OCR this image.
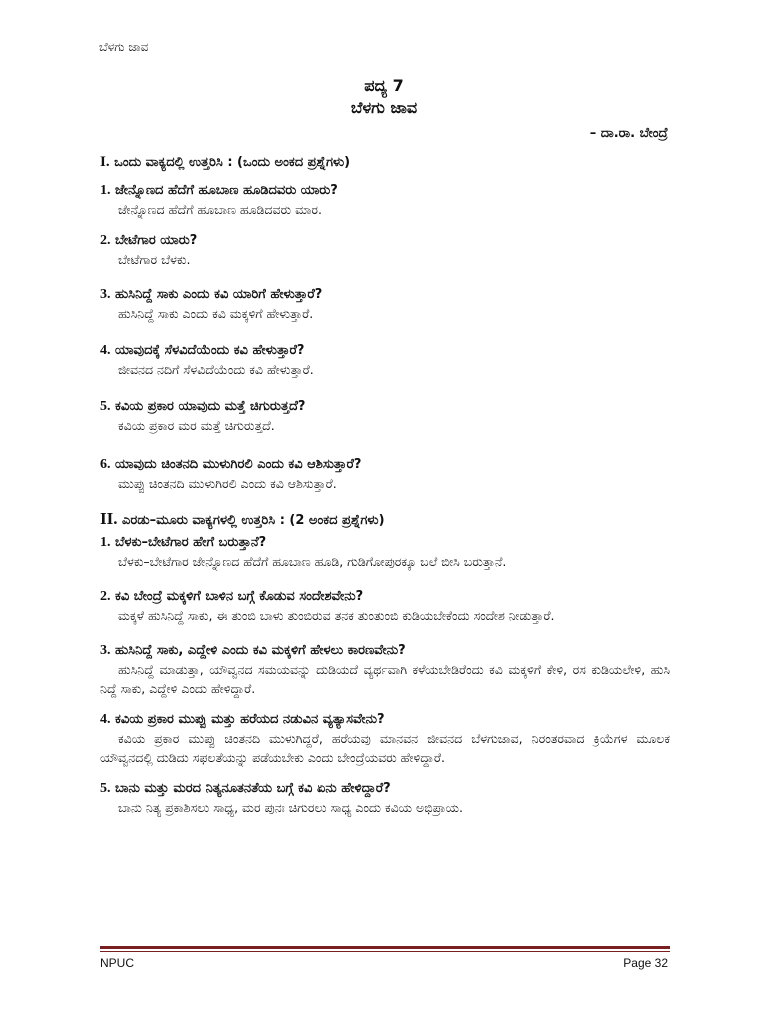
ಬೆಳಗು ಜಾವ
ಪದ್ಯ 7
ಬೆಳಗು ಜಾವ
– ದಾ.ರಾ. ಬೇಂದ್ರೆ
I. ಒಂದು ವಾಕ್ಯದಲ್ಲಿ ಉತ್ತರಿಸಿ : (ಒಂದು ಅಂಕದ ಪ್ರಶ್ನೆಗಳು)
1. ಜೇನ್ನೊಣದ ಹೆದೆಗೆ ಹೂಬಾಣ ಹೂಡಿದವರು ಯಾರು?
ಜೇನ್ನೊಣದ ಹೆದೆಗೆ ಹೂಬಾಣ ಹೂಡಿದವರು ಮಾರ.
2. ಬೇಟೆಗಾರ ಯಾರು?
ಬೇಟೆಗಾರ ಬೆಳಕು.
3. ಹುಸಿನಿದ್ದೆ ಸಾಕು ಎಂದು ಕವಿ ಯಾರಿಗೆ ಹೇಳುತ್ತಾರೆ?
ಹುಸಿನಿದ್ದೆ ಸಾಕು ಎಂದು ಕವಿ ಮಕ್ಕಳಿಗೆ ಹೇಳುತ್ತಾರೆ.
4. ಯಾವುದಕ್ಕೆ ಸೆಳವಿದೆಯೆಂದು ಕವಿ ಹೇಳುತ್ತಾರೆ?
ಜೀವನದ ನದಿಗೆ ಸೆಳವಿದೆಯೆಂದು ಕವಿ ಹೇಳುತ್ತಾರೆ.
5. ಕವಿಯ ಪ್ರಕಾರ ಯಾವುದು ಮತ್ತೆ ಚಿಗುರುತ್ತದೆ?
ಕವಿಯ ಪ್ರಕಾರ ಮರ ಮತ್ತೆ ಚಿಗುರುತ್ತದೆ.
6. ಯಾವುದು ಚಿಂತನದಿ ಮುಳುಗಿರಲಿ ಎಂದು ಕವಿ ಆಶಿಸುತ್ತಾರೆ?
ಮುಪ್ಪು ಚಿಂತನದಿ ಮುಳುಗಿರಲಿ ಎಂದು ಕವಿ ಆಶಿಸುತ್ತಾರೆ.
II. ಎರಡು–ಮೂರು ವಾಕ್ಯಗಳಲ್ಲಿ ಉತ್ತರಿಸಿ : (2 ಅಂಕದ ಪ್ರಶ್ನೆಗಳು)
1. ಬೆಳಕು–ಬೇಟೆಗಾರ ಹೇಗೆ ಬರುತ್ತಾನೆ?
ಬೆಳಕು–ಬೇಟೆಗಾರ ಜೇನ್ನೊಣದ ಹೆದೆಗೆ ಹೂಬಾಣ ಹೂಡಿ, ಗುಡಿಗೋಪುರಕ್ಕೂ ಬಲೆ ಬೀಸಿ ಬರುತ್ತಾನೆ.
2. ಕವಿ ಬೇಂದ್ರೆ ಮಕ್ಕಳಿಗೆ ಬಾಳಿನ ಬಗ್ಗೆ ಕೊಡುವ ಸಂದೇಶವೇನು?
ಮಕ್ಕಳೆ ಹುಸಿನಿದ್ದೆ ಸಾಕು, ಈ ತುಂಬಿ ಬಾಳು ತುಂಬಿರುವ ತನಕ ತುಂತುಂಬಿ ಕುಡಿಯಬೇಕೆಂದು ಸಂದೇಶ ನೀಡುತ್ತಾರೆ.
3. ಹುಸಿನಿದ್ದೆ ಸಾಕು, ಎದ್ದೇಳಿ ಎಂದು ಕವಿ ಮಕ್ಕಳಿಗೆ ಹೇಳಲು ಕಾರಣವೇನು?
ಹುಸಿನಿದ್ದೆ ಮಾಡುತ್ತಾ, ಯೌವ್ವನದ ಸಮಯವನ್ನು ದುಡಿಯದೆ ವ್ಯರ್ಥವಾಗಿ ಕಳೆಯಬೇಡಿರೆಂದು ಕವಿ ಮಕ್ಕಳಿಗೆ ಕೇಳಿ, ರಸ ಕುಡಿಯಲೇಳಿ, ಹುಸಿ ನಿದ್ದೆ ಸಾಕು, ಎದ್ದೇಳಿ ಎಂದು ಹೇಳಿದ್ದಾರೆ.
4. ಕವಿಯ ಪ್ರಕಾರ ಮುಪ್ಪು ಮತ್ತು ಹರೆಯದ ನಡುವಿನ ವ್ಯತ್ಯಾಸವೇನು?
ಕವಿಯ ಪ್ರಕಾರ ಮುಪ್ಪು ಚಿಂತನದಿ ಮುಳುಗಿದ್ದರೆ, ಹರೆಯವು ಮಾನವನ ಜೀವನದ ಬೆಳಗುಜಾವ, ನಿರಂತರವಾದ ಕ್ರಿಯೆಗಳ ಮೂಲಕ ಯೌವ್ವನದಲ್ಲಿ ದುಡಿದು ಸಫಲತೆಯನ್ನು ಪಡೆಯಬೇಕು ಎಂದು ಬೇಂದ್ರೆಯವರು ಹೇಳಿದ್ದಾರೆ.
5. ಬಾನು ಮತ್ತು ಮರದ ನಿತ್ಯನೂತನತೆಯ ಬಗ್ಗೆ ಕವಿ ಏನು ಹೇಳಿದ್ದಾರೆ?
ಬಾನು ನಿತ್ಯ ಪ್ರಕಾಶಿಸಲು ಸಾಧ್ಯ, ಮರ ಪುನಃ ಚಿಗುರಲು ಸಾಧ್ಯ ಎಂದು ಕವಿಯ ಅಭಿಪ್ರಾಯ.
NPUC	Page 32
